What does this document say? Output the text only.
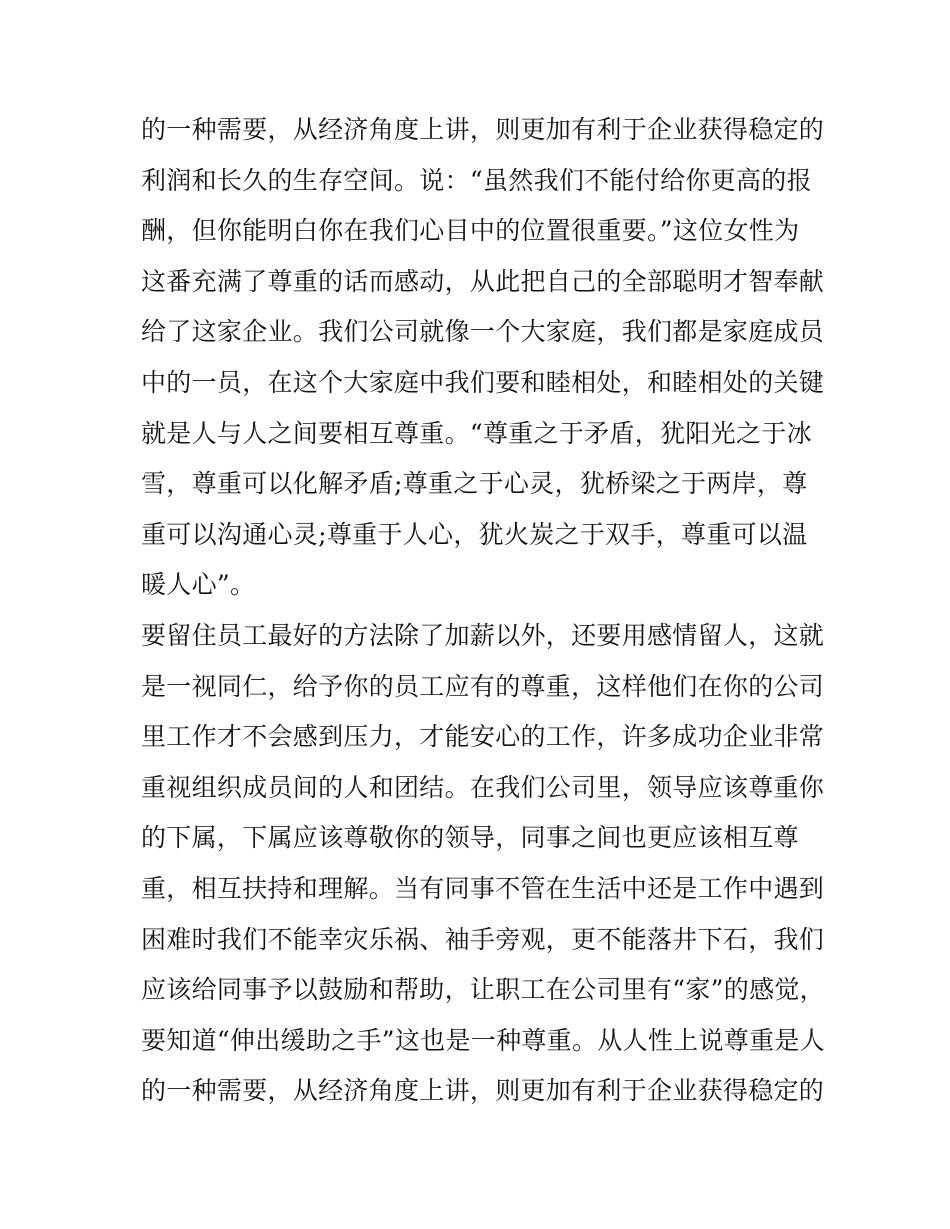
的一种需要，从经济角度上讲，则更加有利于企业获得稳定的
利润和长久的生存空间。说：“虽然我们不能付给你更高的报
酬，但你能明白你在我们心目中的位置很重要。”这位女性为
这番充满了尊重的话而感动，从此把自己的全部聪明才智奉献
给了这家企业。我们公司就像一个大家庭，我们都是家庭成员
中的一员，在这个大家庭中我们要和睦相处，和睦相处的关键
就是人与人之间要相互尊重。“尊重之于矛盾，犹阳光之于冰
雪，尊重可以化解矛盾;尊重之于心灵，犹桥梁之于两岸，尊
重可以沟通心灵;尊重于人心，犹火炭之于双手，尊重可以温
暖人心”。
要留住员工最好的方法除了加薪以外，还要用感情留人，这就
是一视同仁，给予你的员工应有的尊重，这样他们在你的公司
里工作才不会感到压力，才能安心的工作，许多成功企业非常
重视组织成员间的人和团结。在我们公司里，领导应该尊重你
的下属，下属应该尊敬你的领导，同事之间也更应该相互尊
重，相互扶持和理解。当有同事不管在生活中还是工作中遇到
困难时我们不能幸灾乐祸、袖手旁观，更不能落井下石，我们
应该给同事予以鼓励和帮助，让职工在公司里有“家”的感觉，
要知道“伸出缓助之手”这也是一种尊重。从人性上说尊重是人
的一种需要，从经济角度上讲，则更加有利于企业获得稳定的
